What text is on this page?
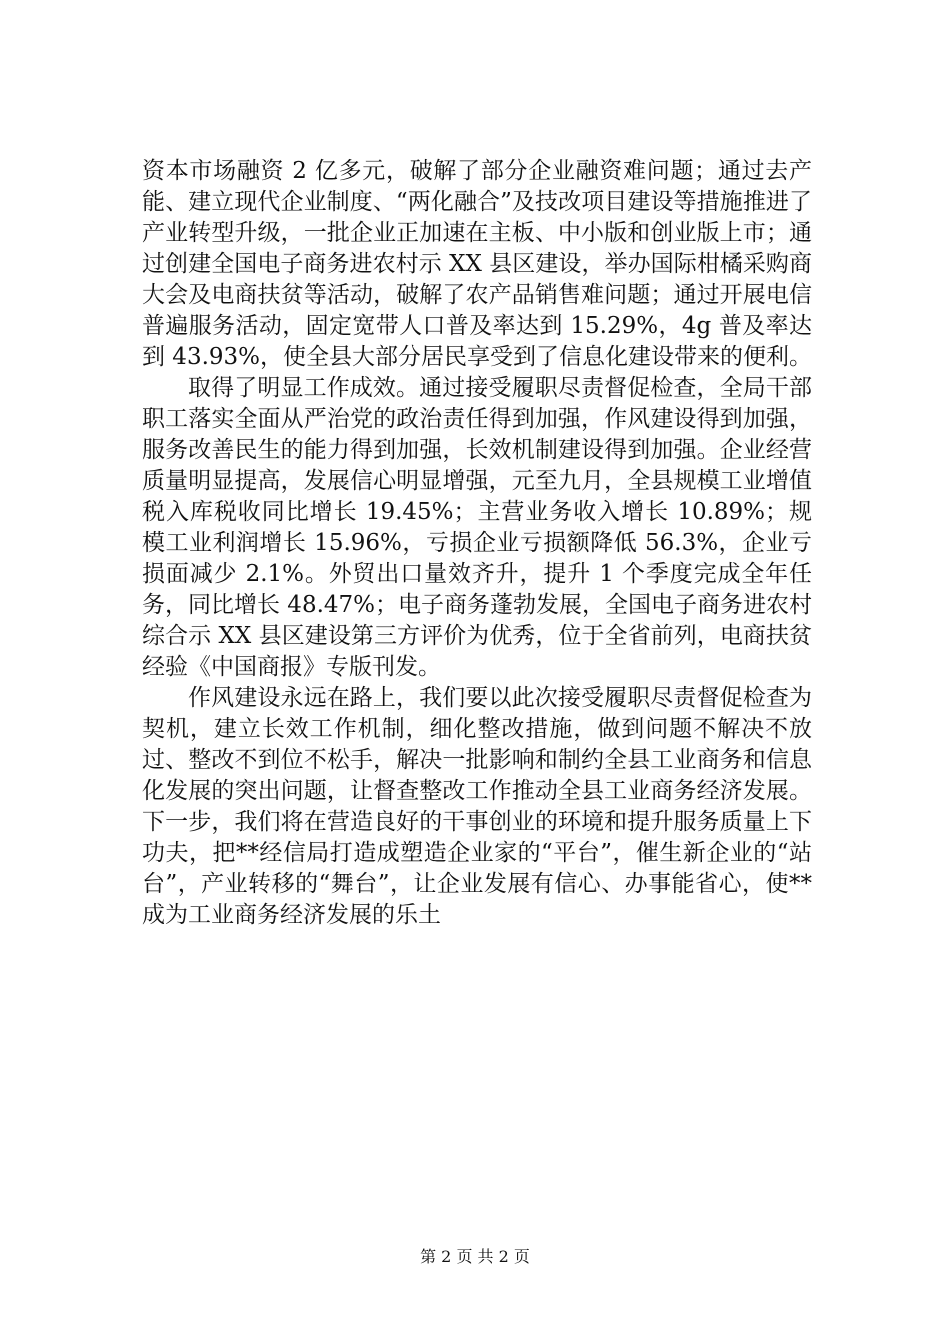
资本市场融资 2 亿多元，破解了部分企业融资难问题；通过去产能、建立现代企业制度、“两化融合”及技改项目建设等措施推进了产业转型升级，一批企业正加速在主板、中小版和创业版上市；通过创建全国电子商务进农村示 XX 县区建设，举办国际柑橘采购商大会及电商扶贫等活动，破解了农产品销售难问题；通过开展电信普遍服务活动，固定宽带人口普及率达到 15.29%，4g 普及率达到 43.93%，使全县大部分居民享受到了信息化建设带来的便利。

取得了明显工作成效。通过接受履职尽责督促检查，全局干部职工落实全面从严治党的政治责任得到加强，作风建设得到加强，服务改善民生的能力得到加强，长效机制建设得到加强。企业经营质量明显提高，发展信心明显增强，元至九月，全县规模工业增值税入库税收同比增长 19.45%；主营业务收入增长 10.89%；规模工业利润增长 15.96%，亏损企业亏损额降低 56.3%，企业亏损面减少 2.1%。外贸出口量效齐升，提升 1 个季度完成全年任务，同比增长 48.47%；电子商务蓬勃发展，全国电子商务进农村综合示 XX 县区建设第三方评价为优秀，位于全省前列，电商扶贫经验《中国商报》专版刊发。

作风建设永远在路上，我们要以此次接受履职尽责督促检查为契机，建立长效工作机制，细化整改措施，做到问题不解决不放过、整改不到位不松手，解决一批影响和制约全县工业商务和信息化发展的突出问题，让督查整改工作推动全县工业商务经济发展。下一步，我们将在营造良好的干事创业的环境和提升服务质量上下功夫，把**经信局打造成塑造企业家的“平台”，催生新企业的“站台”，产业转移的“舞台”，让企业发展有信心、办事能省心，使**成为工业商务经济发展的乐土

第 2 页 共 2 页
